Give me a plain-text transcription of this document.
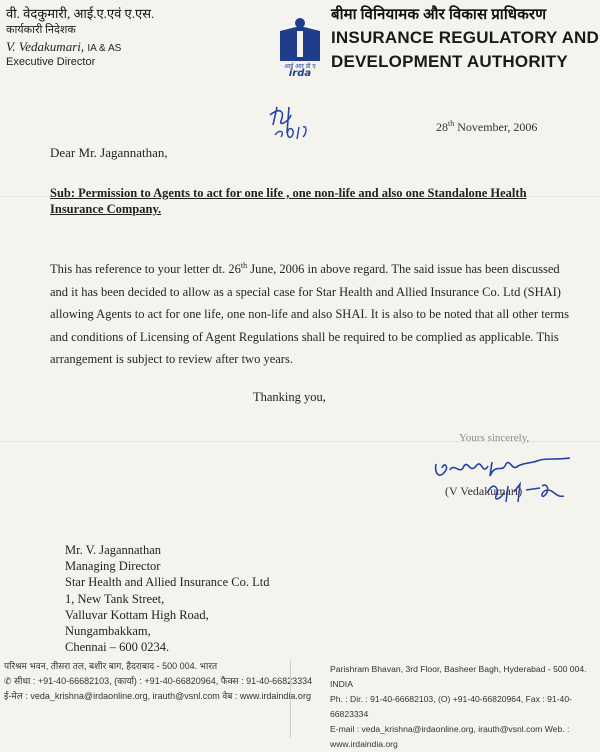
वी. वेदकुमारी, आई.ए.एवं ए.एस.
कार्यकारी निदेशक
V. Vedakumari, IA & AS
Executive Director	आई आर डी ए
irda
बीमा विनियामक और विकास प्राधिकरण
INSURANCE REGULATORY AND
DEVELOPMENT AUTHORITY
28th November, 2006
Dear Mr. Jagannathan,
Sub: Permission to Agents to act for one life , one non-life and also one Standalone Health Insurance Company.
This has reference to your letter dt. 26th June, 2006 in above regard. The said issue has been discussed and it has been decided to allow as a special case for Star Health and Allied Insurance Co. Ltd (SHAI) allowing Agents to act for one life, one non-life and also SHAI. It is also to be noted that all other terms and conditions of Licensing of Agent Regulations shall be required to be complied as applicable. This arrangement is subject to review after two years.
Thanking you,
Yours sincerely,
(V Vedakumari)
Mr. V. Jagannathan
Managing Director
Star Health and Allied Insurance Co. Ltd
1, New Tank Street,
Valluvar Kottam High Road,
Nungambakkam,
Chennai – 600 0234.
परिश्रम भवन, तीसरा तल, बशीर बाग, हैदराबाद - 500 004. भारत
✆ सीधा : +91-40-66682103, (कार्या) : +91-40-66820964, फैक्स : 91-40-66823334
ई-मेल : veda_krishna@irdaonline.org, irauth@vsnl.com वेब : www.irdaindia.org
Parishram Bhavan, 3rd Floor, Basheer Bagh, Hyderabad - 500 004. INDIA
Ph. : Dir. : 91-40-66682103, (O) +91-40-66820964, Fax : 91-40-66823334
E-mail : veda_krishna@irdaonline.org, irauth@vsnl.com Web. : www.irdaindia.org
